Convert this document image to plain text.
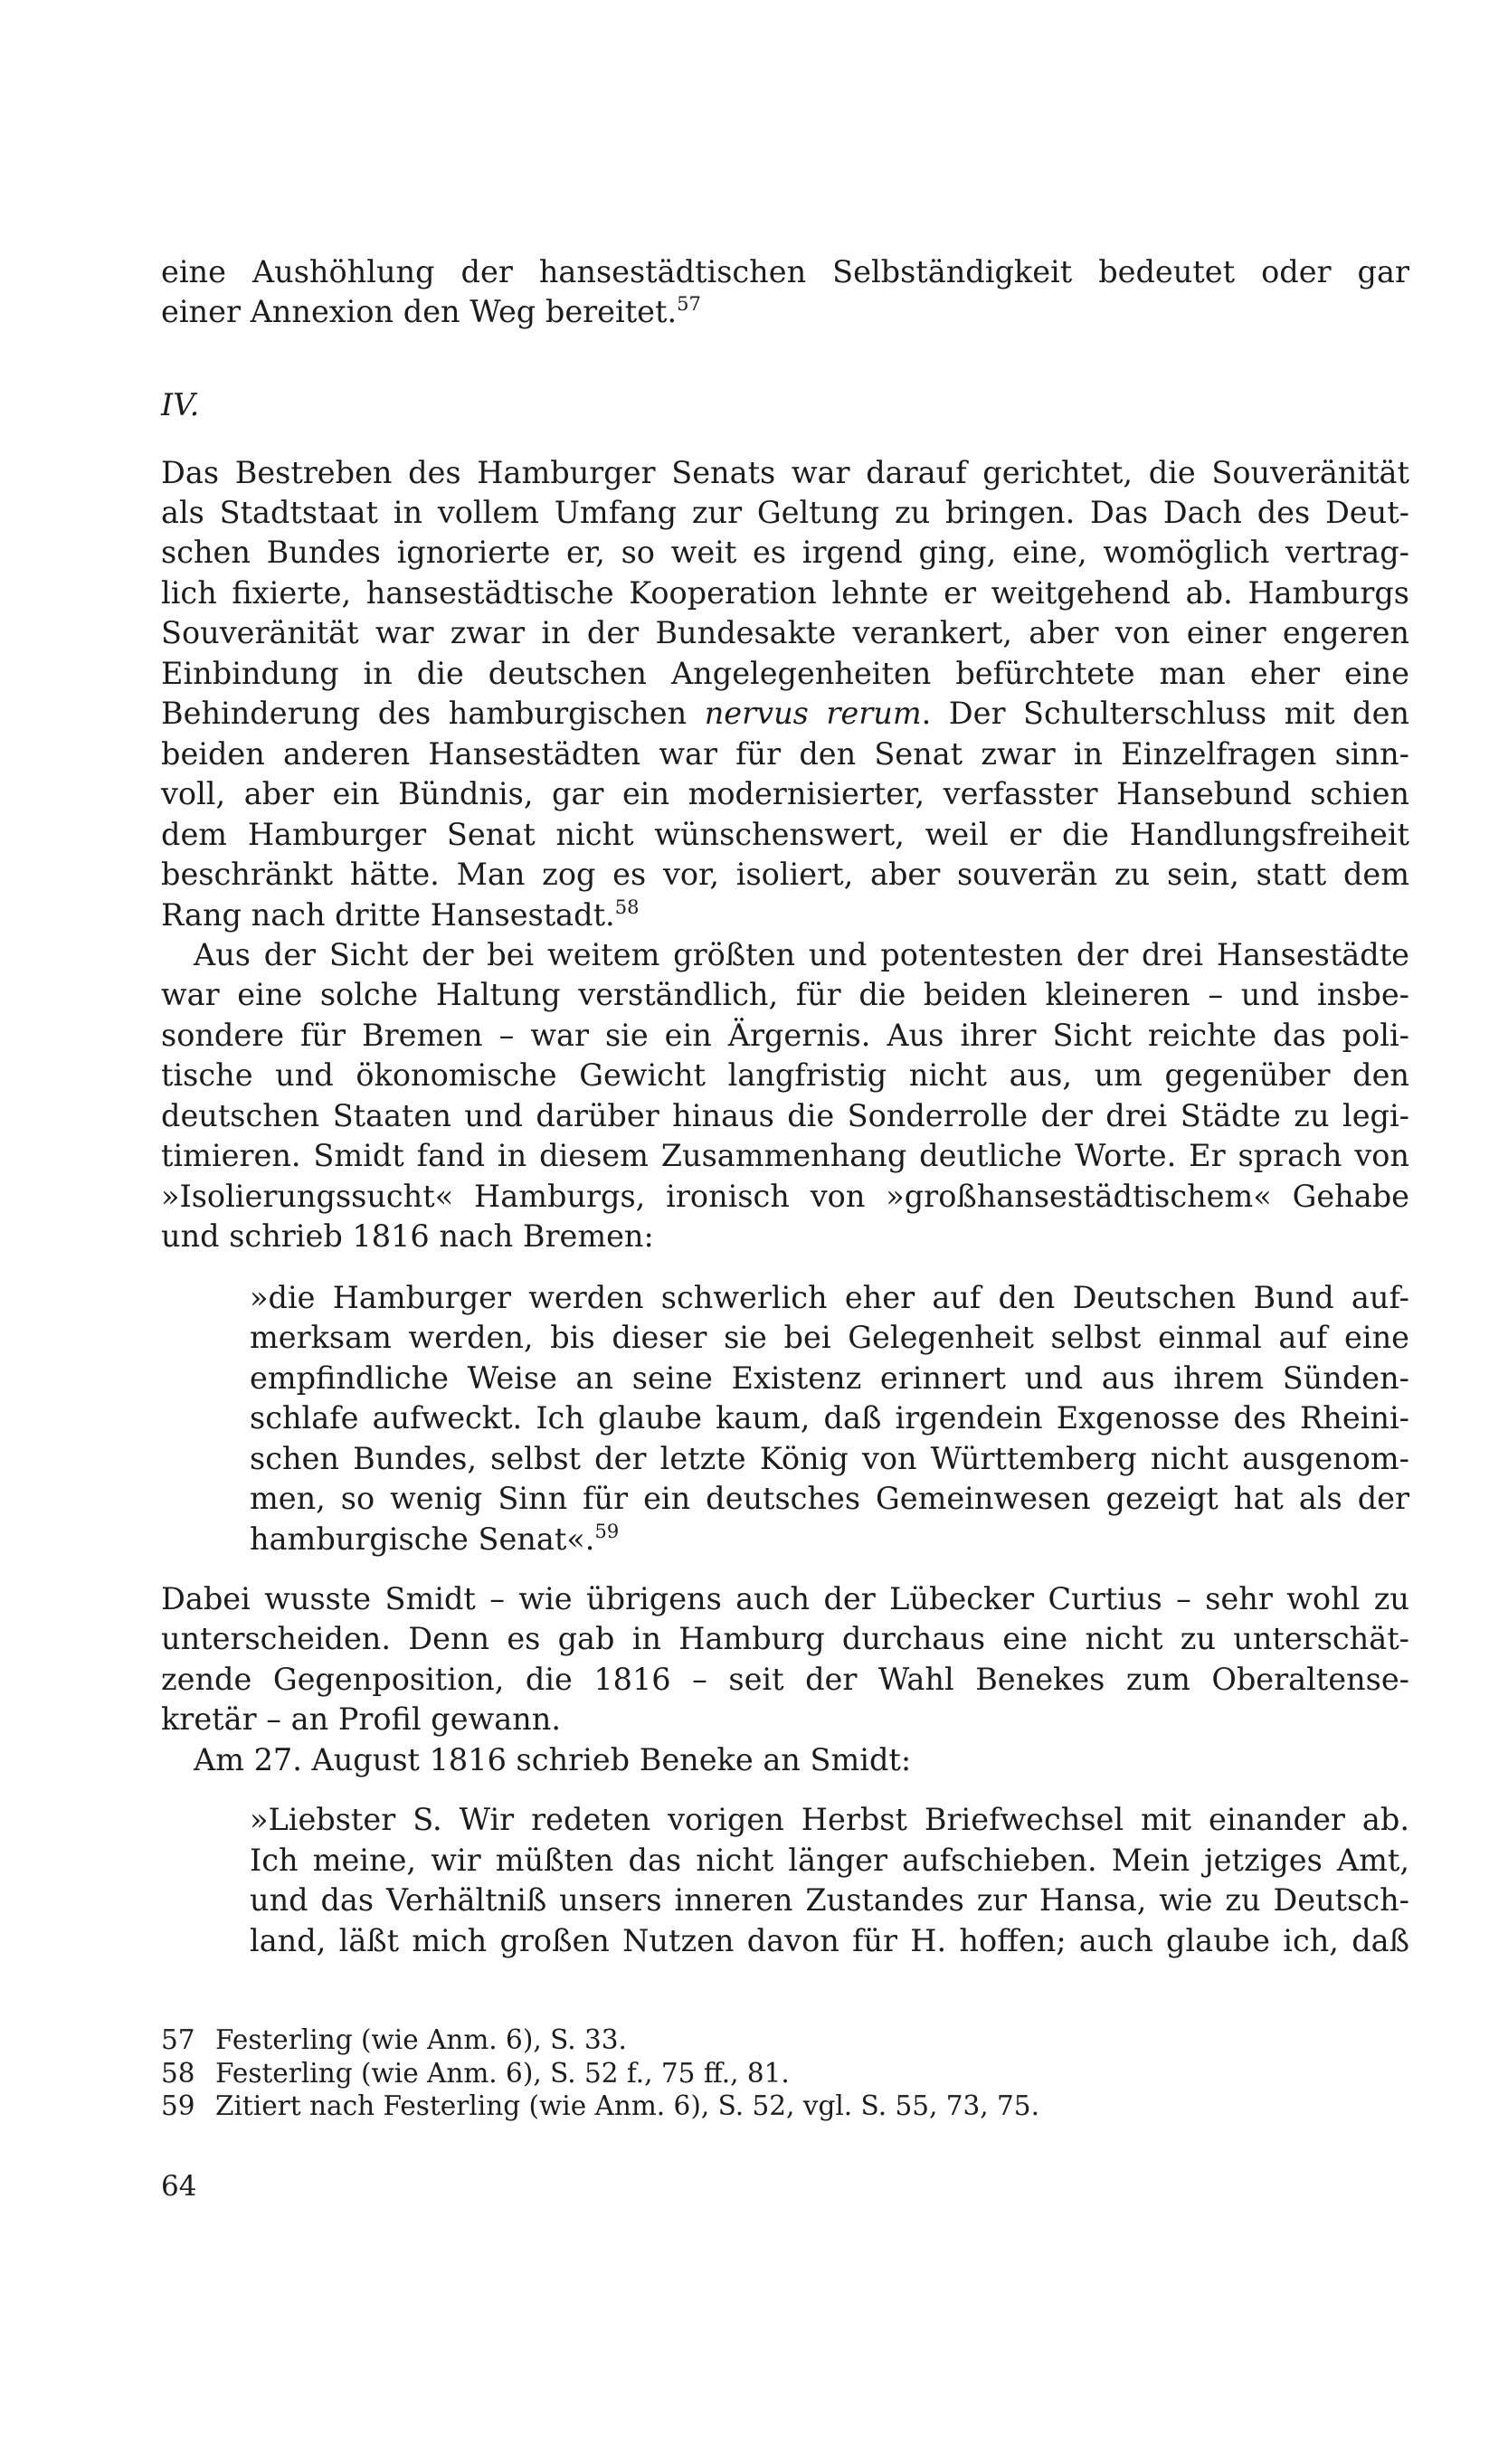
eine Aushöhlung der hansestädtischen Selbständigkeit bedeutet oder gar
einer Annexion den Weg bereitet.$^{57}$
IV.
Das Bestreben des Hamburger Senats war darauf gerichtet, die Souveränität
als Stadtstaat in vollem Umfang zur Geltung zu bringen. Das Dach des Deut-
schen Bundes ignorierte er, so weit es irgend ging, eine, womöglich vertrag-
lich fixierte, hansestädtische Kooperation lehnte er weitgehend ab. Hamburgs
Souveränität war zwar in der Bundesakte verankert, aber von einer engeren
Einbindung in die deutschen Angelegenheiten befürchtete man eher eine
Behinderung des hamburgischen nervus rerum. Der Schulterschluss mit den
beiden anderen Hansestädten war für den Senat zwar in Einzelfragen sinn-
voll, aber ein Bündnis, gar ein modernisierter, verfasster Hansebund schien
dem Hamburger Senat nicht wünschenswert, weil er die Handlungsfreiheit
beschränkt hätte. Man zog es vor, isoliert, aber souverän zu sein, statt dem
Rang nach dritte Hansestadt.$^{58}$
Aus der Sicht der bei weitem größten und potentesten der drei Hansestädte
war eine solche Haltung verständlich, für die beiden kleineren – und insbe-
sondere für Bremen – war sie ein Ärgernis. Aus ihrer Sicht reichte das poli-
tische und ökonomische Gewicht langfristig nicht aus, um gegenüber den
deutschen Staaten und darüber hinaus die Sonderrolle der drei Städte zu legi-
timieren. Smidt fand in diesem Zusammenhang deutliche Worte. Er sprach von
»Isolierungssucht« Hamburgs, ironisch von »großhansestädtischem« Gehabe
und schrieb 1816 nach Bremen:
»die Hamburger werden schwerlich eher auf den Deutschen Bund auf-
merksam werden, bis dieser sie bei Gelegenheit selbst einmal auf eine
empfindliche Weise an seine Existenz erinnert und aus ihrem Sünden-
schlafe aufweckt. Ich glaube kaum, daß irgendein Exgenosse des Rheini-
schen Bundes, selbst der letzte König von Württemberg nicht ausgenom-
men, so wenig Sinn für ein deutsches Gemeinwesen gezeigt hat als der
hamburgische Senat«.$^{59}$
Dabei wusste Smidt – wie übrigens auch der Lübecker Curtius – sehr wohl zu
unterscheiden. Denn es gab in Hamburg durchaus eine nicht zu unterschät-
zende Gegenposition, die 1816 – seit der Wahl Benekes zum Oberaltense-
kretär – an Profil gewann.
Am 27. August 1816 schrieb Beneke an Smidt:
»Liebster S. Wir redeten vorigen Herbst Briefwechsel mit einander ab.
Ich meine, wir müßten das nicht länger aufschieben. Mein jetziges Amt,
und das Verhältniß unsers inneren Zustandes zur Hansa, wie zu Deutsch-
land, läßt mich großen Nutzen davon für H. hoffen; auch glaube ich, daß
57 Festerling (wie Anm. 6), S. 33.
58 Festerling (wie Anm. 6), S. 52 f., 75 ff., 81.
59 Zitiert nach Festerling (wie Anm. 6), S. 52, vgl. S. 55, 73, 75.
64
